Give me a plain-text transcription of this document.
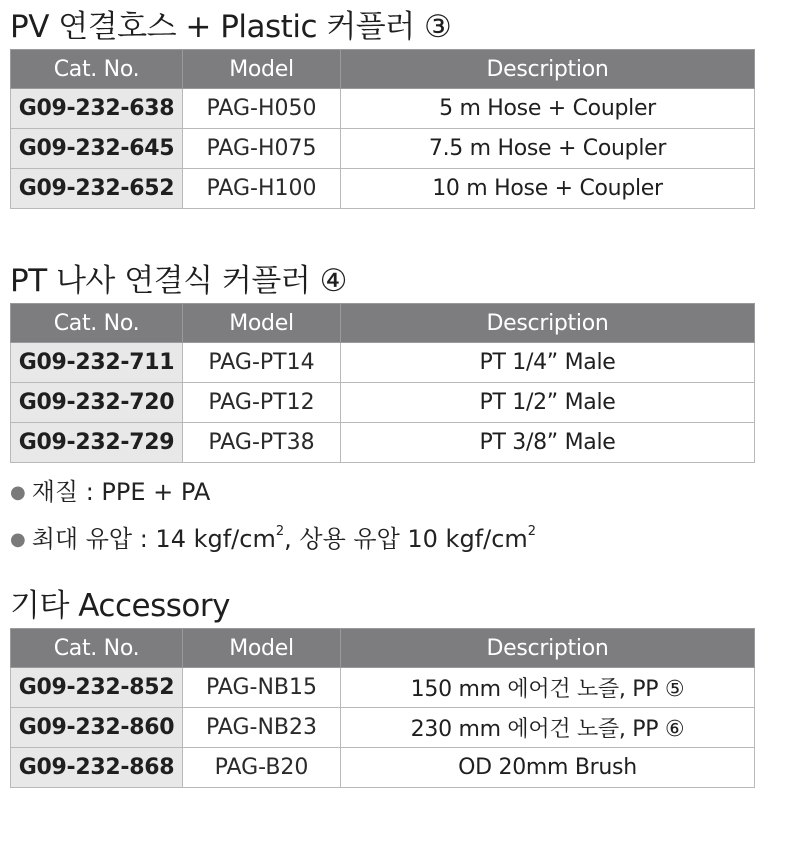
PV 연결호스 + Plastic 커플러 ③
Cat. No.	Model	Description
G09-232-638	PAG-H050	5 m Hose + Coupler
G09-232-645	PAG-H075	7.5 m Hose + Coupler
G09-232-652	PAG-H100	10 m Hose + Coupler
PT 나사 연결식 커플러 ④
Cat. No.	Model	Description
G09-232-711	PAG-PT14	PT 1/4” Male
G09-232-720	PAG-PT12	PT 1/2” Male
G09-232-729	PAG-PT38	PT 3/8” Male
● 재질 : PPE + PA
● 최대 유압 : 14 kgf/$cm^2$, 상용 유압 10 kgf/$cm^2$
기타 Accessory
Cat. No.	Model	Description
G09-232-852	PAG-NB15	150 mm 에어건 노즐, PP ⑤
G09-232-860	PAG-NB23	230 mm 에어건 노즐, PP ⑥
G09-232-868	PAG-B20	OD 20mm Brush
